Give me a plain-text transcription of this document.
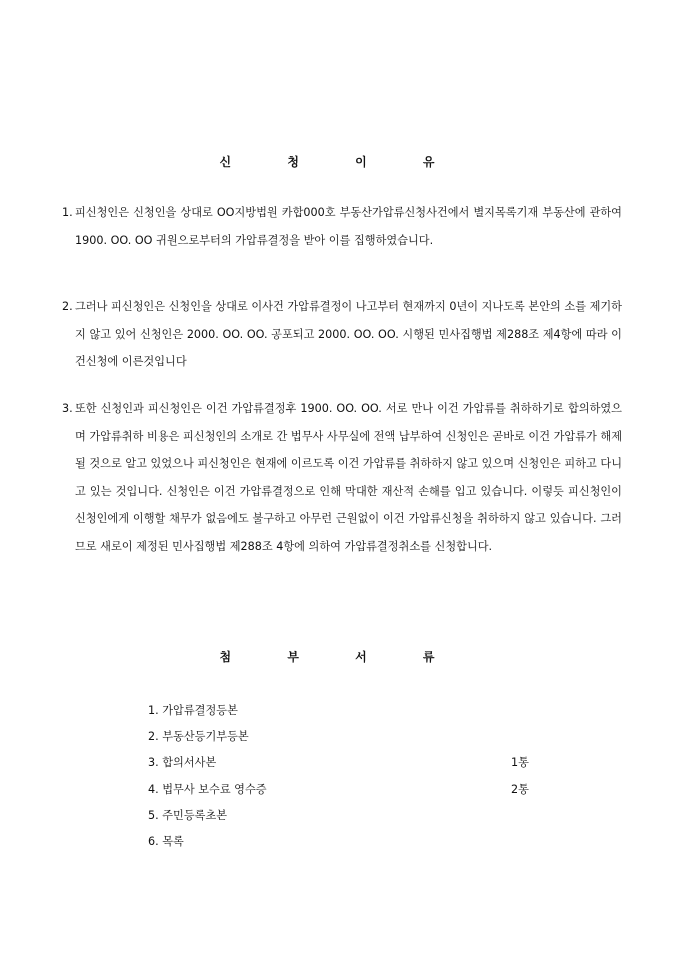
신 청 이 유
1. 피신청인은 신청인을 상대로 OO지방법원 카합000호 부동산가압류신청사건에서 별지목록기재 부동산에 관하여 1900. OO. OO 귀원으로부터의 가압류결정을 받아 이를 집행하였습니다.
2. 그러나 피신청인은 신청인을 상대로 이사건 가압류결정이 나고부터 현재까지 0년이 지나도록 본안의 소를 제기하지 않고 있어 신청인은 2000. OO. OO. 공포되고 2000. OO. OO. 시행된 민사집행법 제288조 제4항에 따라 이건신청에 이른것입니다
3. 또한 신청인과 피신청인은 이건 가압류결정후 1900. OO. OO. 서로 만나 이건 가압류를 취하하기로 합의하였으며 가압류취하 비용은 피신청인의 소개로 간 법무사 사무실에 전액 납부하여 신청인은 곧바로 이건 가압류가 해제 될 것으로 알고 있었으나 피신청인은 현재에 이르도록 이건 가압류를 취하하지 않고 있으며 신청인은 피하고 다니고 있는 것입니다. 신청인은 이건 가압류결정으로 인해 막대한 재산적 손해를 입고 있습니다. 이렇듯 피신청인이 신청인에게 이행할 채무가 없음에도 불구하고 아무런 근원없이 이건 가압류신청을 취하하지 않고 있습니다. 그러므로 새로이 제정된 민사집행법 제288조 4항에 의하여 가압류결정취소를 신청합니다.
첨 부 서 류
1. 가압류결정등본
2. 부동산등기부등본
3. 합의서사본	1통
4. 법무사 보수료 영수증	2통
5. 주민등록초본
6. 목록
